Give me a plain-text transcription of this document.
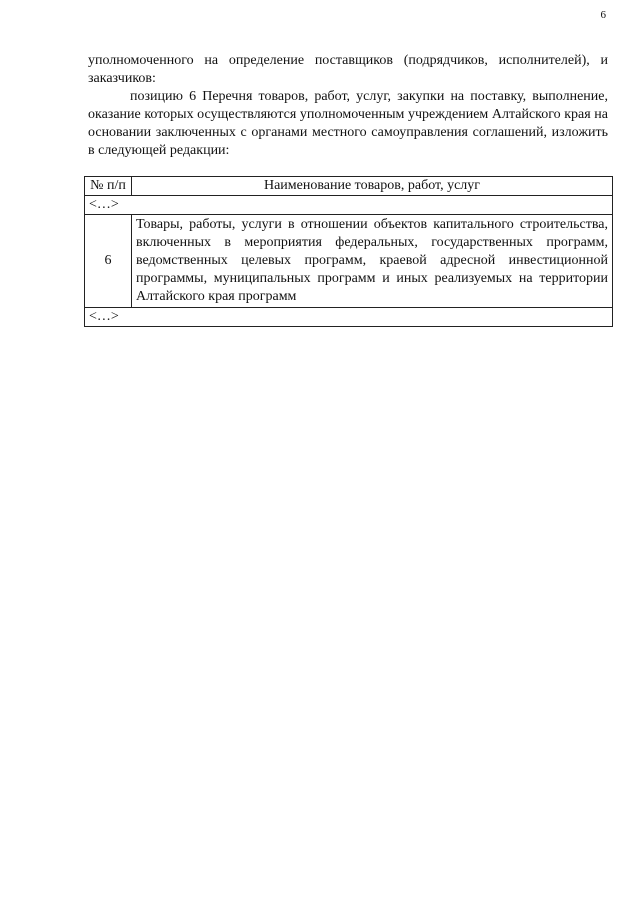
6

уполномоченного на определение поставщиков (подрядчиков, исполнителей), и заказчиков:

позицию 6 Перечня товаров, работ, услуг, закупки на поставку, выполнение, оказание которых осуществляются уполномоченным учреждением Алтайского края на основании заключенных с органами местного самоуправления соглашений, изложить в следующей редакции:

№ п/п	Наименование товаров, работ, услуг
<…>	
6	Товары, работы, услуги в отношении объектов капитального строительства, включенных в мероприятия федеральных, государственных программ, ведомственных целевых программ, краевой адресной инвестиционной программы, муниципальных программ и иных реализуемых на территории Алтайского края программ
<…>	
